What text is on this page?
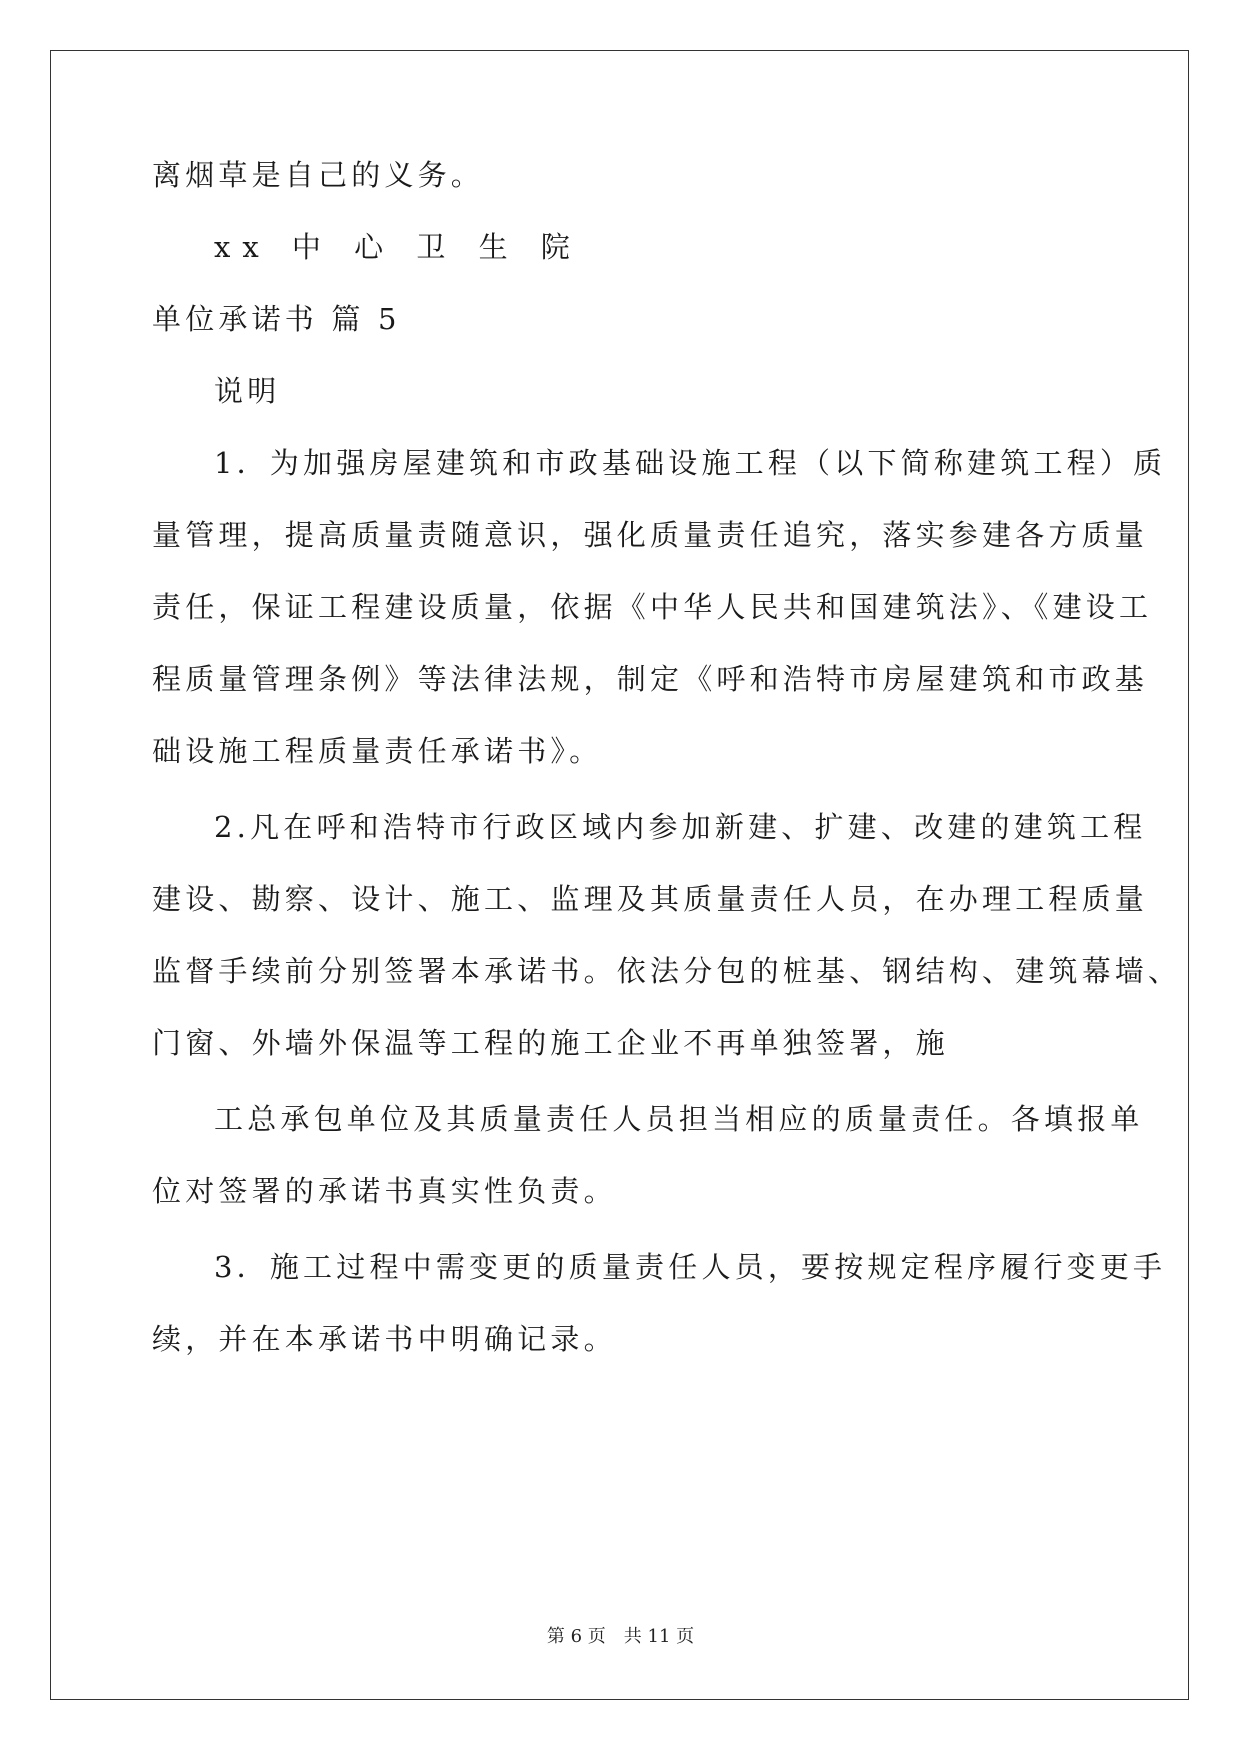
离烟草是自己的义务。
xx 中 心 卫 生 院
单位承诺书 篇 5
说明
1．为加强房屋建筑和市政基础设施工程（以下简称建筑工程）质
量管理，提高质量责随意识，强化质量责任追究，落实参建各方质量
责任，保证工程建设质量，依据《中华人民共和国建筑法》、《建设工
程质量管理条例》等法律法规，制定《呼和浩特市房屋建筑和市政基
础设施工程质量责任承诺书》。
2.凡在呼和浩特市行政区域内参加新建、扩建、改建的建筑工程
建设、勘察、设计、施工、监理及其质量责任人员，在办理工程质量
监督手续前分别签署本承诺书。依法分包的桩基、钢结构、建筑幕墙、
门窗、外墙外保温等工程的施工企业不再单独签署，施
工总承包单位及其质量责任人员担当相应的质量责任。各填报单
位对签署的承诺书真实性负责。
3．施工过程中需变更的质量责任人员，要按规定程序履行变更手
续，并在本承诺书中明确记录。
第 6 页 共 11 页
